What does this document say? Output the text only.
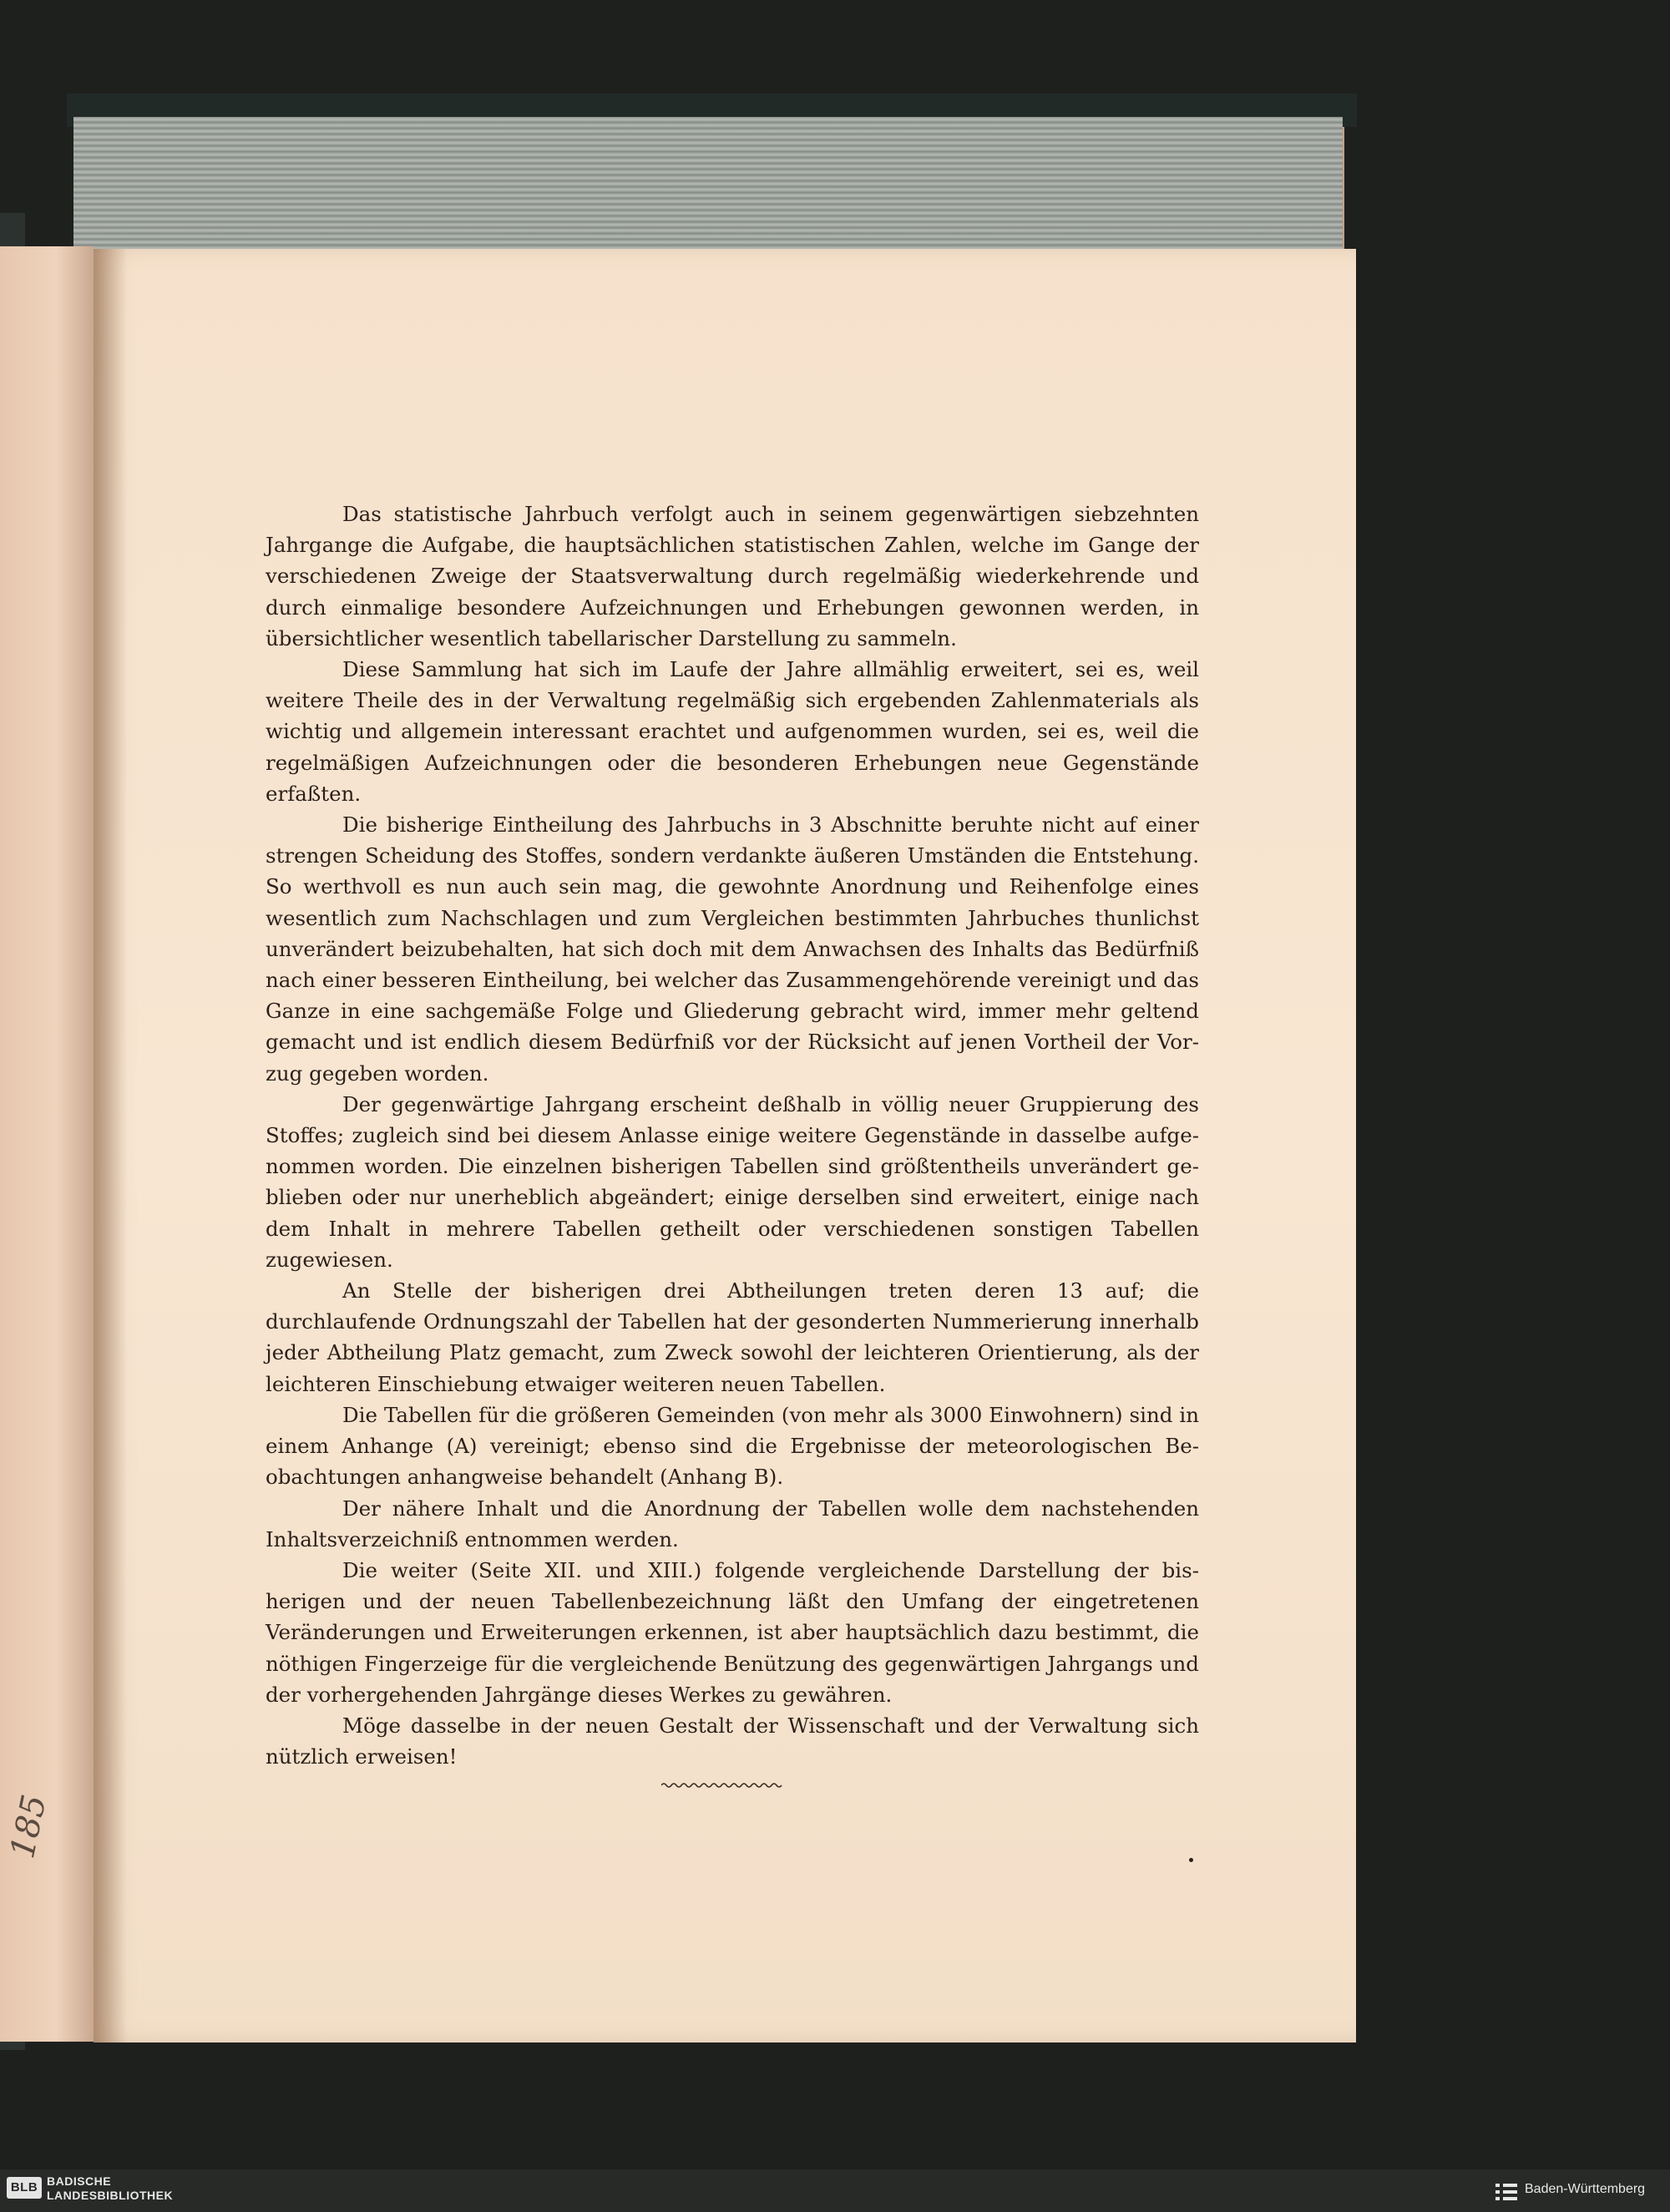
185

Das statistische Jahrbuch verfolgt auch in seinem gegenwärtigen siebzehnten Jahrgange die Aufgabe, die hauptsächlichen statistischen Zahlen, welche im Gange der verschiedenen Zweige der Staatsverwaltung durch regelmäßig wiederkehrende und durch einmalige besondere Aufzeichnungen und Erhebungen gewonnen werden, in übersichtlicher wesentlich tabellarischer Darstellung zu sammeln.

Diese Sammlung hat sich im Laufe der Jahre allmählig erweitert, sei es, weil weitere Theile des in der Verwaltung regelmäßig sich ergebenden Zahlenmaterials als wichtig und allgemein interessant erachtet und aufgenommen wurden, sei es, weil die regelmäßigen Aufzeichnungen oder die besonderen Erhebungen neue Gegenstände erfaßten.

Die bisherige Eintheilung des Jahrbuchs in 3 Abschnitte beruhte nicht auf einer strengen Scheidung des Stoffes, sondern verdankte äußeren Umständen die Entstehung. So werthvoll es nun auch sein mag, die gewohnte Anordnung und Reihenfolge eines wesentlich zum Nachschlagen und zum Vergleichen bestimmten Jahrbuches thunlichst unverändert beizubehalten, hat sich doch mit dem Anwachsen des Inhalts das Bedürfniß nach einer besseren Eintheilung, bei welcher das Zusammengehörende vereinigt und das Ganze in eine sachgemäße Folge und Gliederung gebracht wird, immer mehr geltend gemacht und ist endlich diesem Bedürfniß vor der Rücksicht auf jenen Vortheil der Vorzug gegeben worden.

Der gegenwärtige Jahrgang erscheint deßhalb in völlig neuer Gruppierung des Stoffes; zugleich sind bei diesem Anlasse einige weitere Gegenstände in dasselbe aufgenommen worden. Die einzelnen bisherigen Tabellen sind größtentheils unverändert geblieben oder nur unerheblich abgeändert; einige derselben sind erweitert, einige nach dem Inhalt in mehrere Tabellen getheilt oder verschiedenen sonstigen Tabellen zugewiesen.

An Stelle der bisherigen drei Abtheilungen treten deren 13 auf; die durchlaufende Ordnungszahl der Tabellen hat der gesonderten Nummerierung innerhalb jeder Abtheilung Platz gemacht, zum Zweck sowohl der leichteren Orientierung, als der leichteren Einschiebung etwaiger weiteren neuen Tabellen.

Die Tabellen für die größeren Gemeinden (von mehr als 3000 Einwohnern) sind in einem Anhange (A) vereinigt; ebenso sind die Ergebnisse der meteorologischen Beobachtungen anhangweise behandelt (Anhang B).

Der nähere Inhalt und die Anordnung der Tabellen wolle dem nachstehenden Inhaltsverzeichniß entnommen werden.

Die weiter (Seite XII. und XIII.) folgende vergleichende Darstellung der bisherigen und der neuen Tabellenbezeichnung läßt den Umfang der eingetretenen Veränderungen und Erweiterungen erkennen, ist aber hauptsächlich dazu bestimmt, die nöthigen Fingerzeige für die vergleichende Benützung des gegenwärtigen Jahrgangs und der vorhergehenden Jahrgänge dieses Werkes zu gewähren.

Möge dasselbe in der neuen Gestalt der Wissenschaft und der Verwaltung sich nützlich erweisen!

BLB BADISCHE
LANDESBIBLIOTHEK	Baden-Württemberg
